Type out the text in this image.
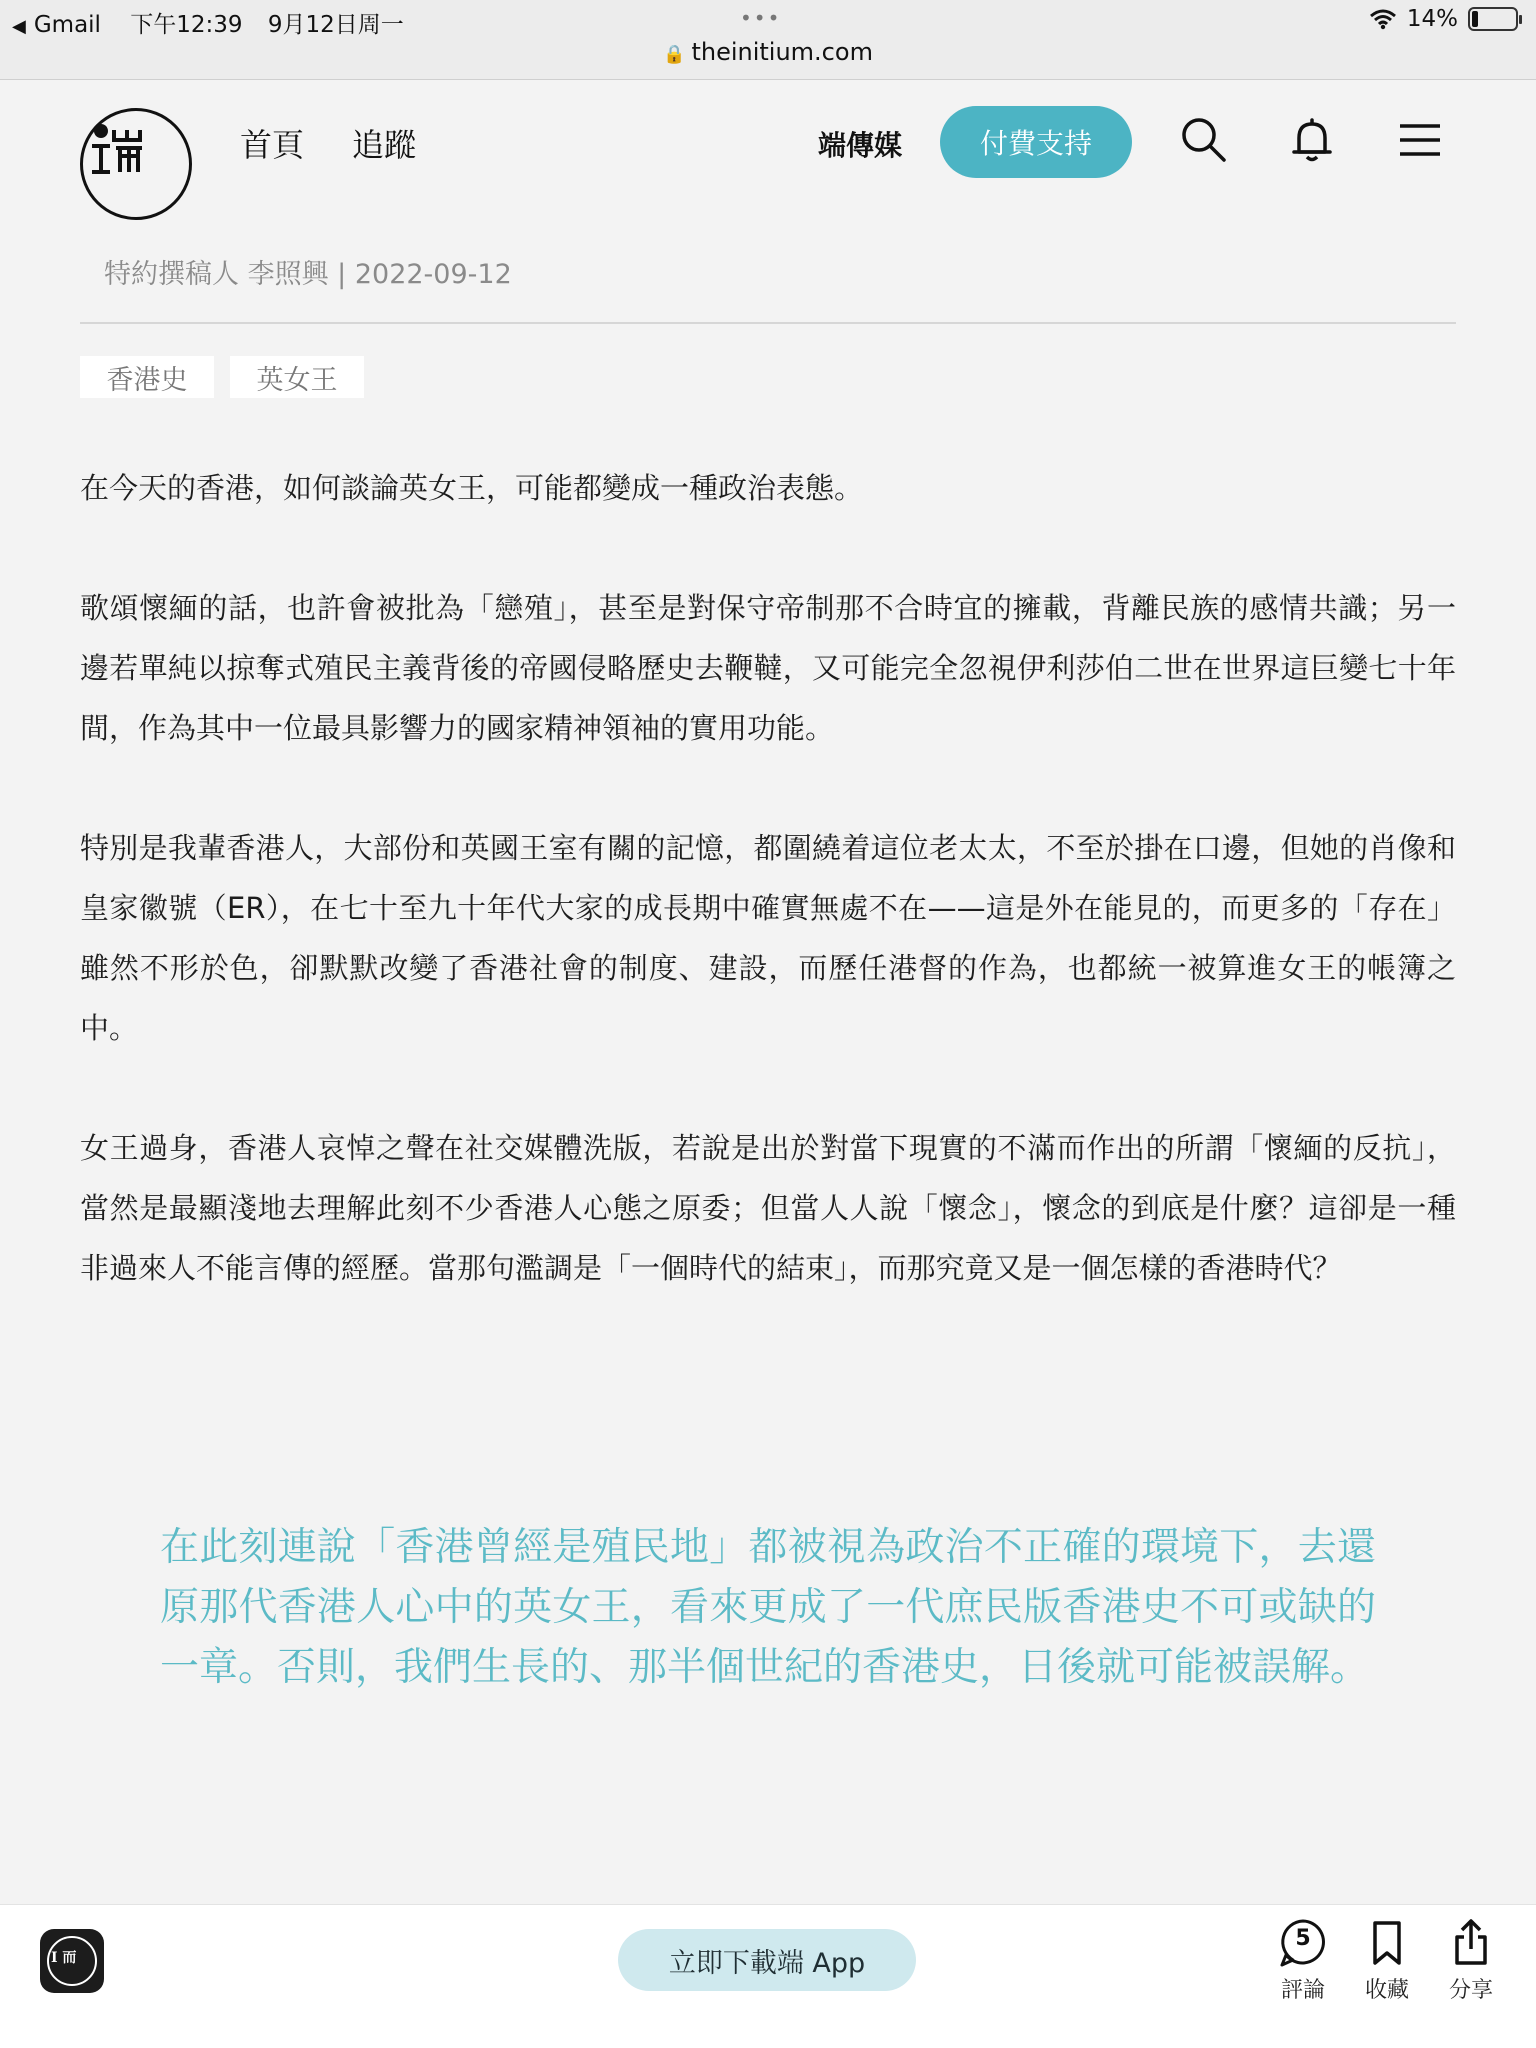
◀ Gmail 下午12:39 9月12日周一	•••
🔒 theinitium.com
14%
首頁 追蹤	端傳媒	付費支持
特約撰稿人 李照興 | 2022-09-12
香港史	英女王

在今天的香港，如何談論英女王，可能都變成一種政治表態。

歌頌懷緬的話，也許會被批為「戀殖」，甚至是對保守帝制那不合時宜的擁載，背離民族的感情共識；另一邊若單純以掠奪式殖民主義背後的帝國侵略歷史去鞭韃，又可能完全忽視伊利莎伯二世在世界這巨變七十年間，作為其中一位最具影響力的國家精神領袖的實用功能。

特別是我輩香港人，大部份和英國王室有關的記憶，都圍繞着這位老太太，不至於掛在口邊，但她的肖像和皇家徽號（ER），在七十至九十年代大家的成長期中確實無處不在——這是外在能見的，而更多的「存在」雖然不形於色，卻默默改變了香港社會的制度、建設，而歷任港督的作為，也都統一被算進女王的帳簿之中。

女王過身，香港人哀悼之聲在社交媒體洗版，若說是出於對當下現實的不滿而作出的所謂「懷緬的反抗」，當然是最顯淺地去理解此刻不少香港人心態之原委；但當人人說「懷念」，懷念的到底是什麼？這卻是一種非過來人不能言傳的經歷。當那句濫調是「一個時代的結束」，而那究竟又是一個怎樣的香港時代？

在此刻連說「香港曾經是殖民地」都被視為政治不正確的環境下，去還原那代香港人心中的英女王，看來更成了一代庶民版香港史不可或缺的一章。否則，我們生長的、那半個世紀的香港史，日後就可能被誤解。
I 而	立即下載端 App
5
評論	收藏	分享
